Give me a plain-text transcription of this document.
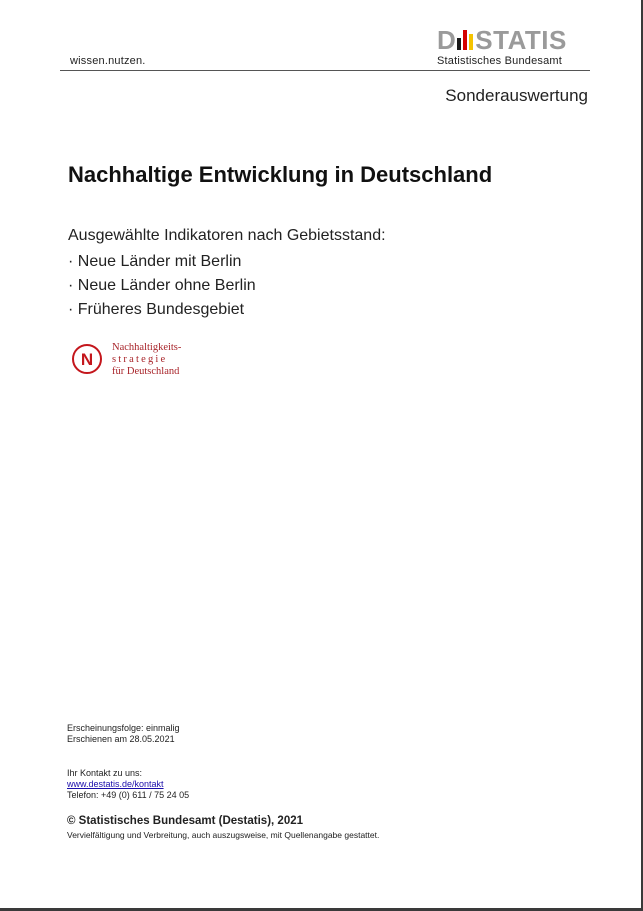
wissen.nutzen.
D STATIS
Statistisches Bundesamt
Sonderauswertung
Nachhaltige Entwicklung in Deutschland
Ausgewählte Indikatoren nach Gebietsstand:
· Neue Länder mit Berlin
· Neue Länder ohne Berlin
· Früheres Bundesgebiet
N
Nachhaltigkeits-
strategie
für Deutschland
Erscheinungsfolge: einmalig
Erschienen am 28.05.2021
Ihr Kontakt zu uns:
www.destatis.de/kontakt
Telefon: +49 (0) 611 / 75 24 05
© Statistisches Bundesamt (Destatis), 2021
Vervielfältigung und Verbreitung, auch auszugsweise, mit Quellenangabe gestattet.
